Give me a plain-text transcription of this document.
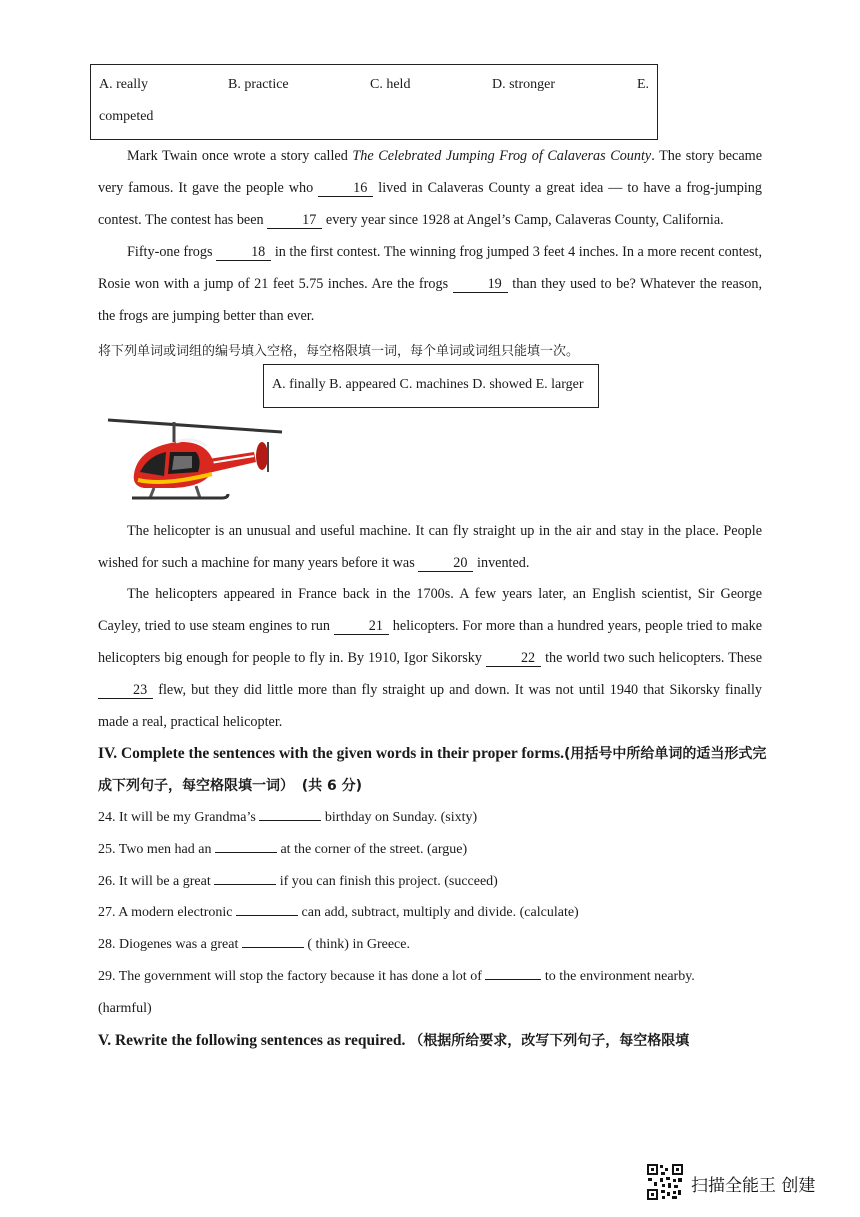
A. really	B. practice	C. held	D. stronger	E.
competed
Mark Twain once wrote a story called The Celebrated Jumping Frog of Calaveras County. The story became very famous. It gave the people who 16 lived in Calaveras County a great idea — to have a frog-jumping contest. The contest has been 17 every year since 1928 at Angel’s Camp, Calaveras County, California.
Fifty-one frogs 18 in the first contest. The winning frog jumped 3 feet 4 inches. In a more recent contest, Rosie won with a jump of 21 feet 5.75 inches. Are the frogs 19 than they used to be? Whatever the reason, the frogs are jumping better than ever.
将下列单词或词组的编号填入空格，每空格限填一词，每个单词或词组只能填一次。
A. finally B. appeared C. machines D. showed E. larger
The helicopter is an unusual and useful machine. It can fly straight up in the air and stay in the place. People wished for such a machine for many years before it was 20 invented.
The helicopters appeared in France back in the 1700s. A few years later, an English scientist, Sir George Cayley, tried to use steam engines to run 21 helicopters. For more than a hundred years, people tried to make helicopters big enough for people to fly in. By 1910, Igor Sikorsky 22 the world two such helicopters. These 23 flew, but they did little more than fly straight up and down. It was not until 1940 that Sikorsky finally made a real, practical helicopter.
IV. Complete the sentences with the given words in their proper forms.(用括号中所给单词的适当形式完成下列句子，每空格限填一词） (共 6 分)
24. It will be my Grandma’s	birthday on Sunday. (sixty)
25. Two men had an	at the corner of the street. (argue)
26. It will be a great	if you can finish this project. (succeed)
27. A modern electronic	can add, subtract, multiply and divide. (calculate)
28. Diogenes was a great	( think) in Greece.
29. The government will stop the factory because it has done a lot of	to the environment nearby.
(harmful)
V. Rewrite the following sentences as required. （根据所给要求，改写下列句子，每空格限填
扫描全能王 创建
